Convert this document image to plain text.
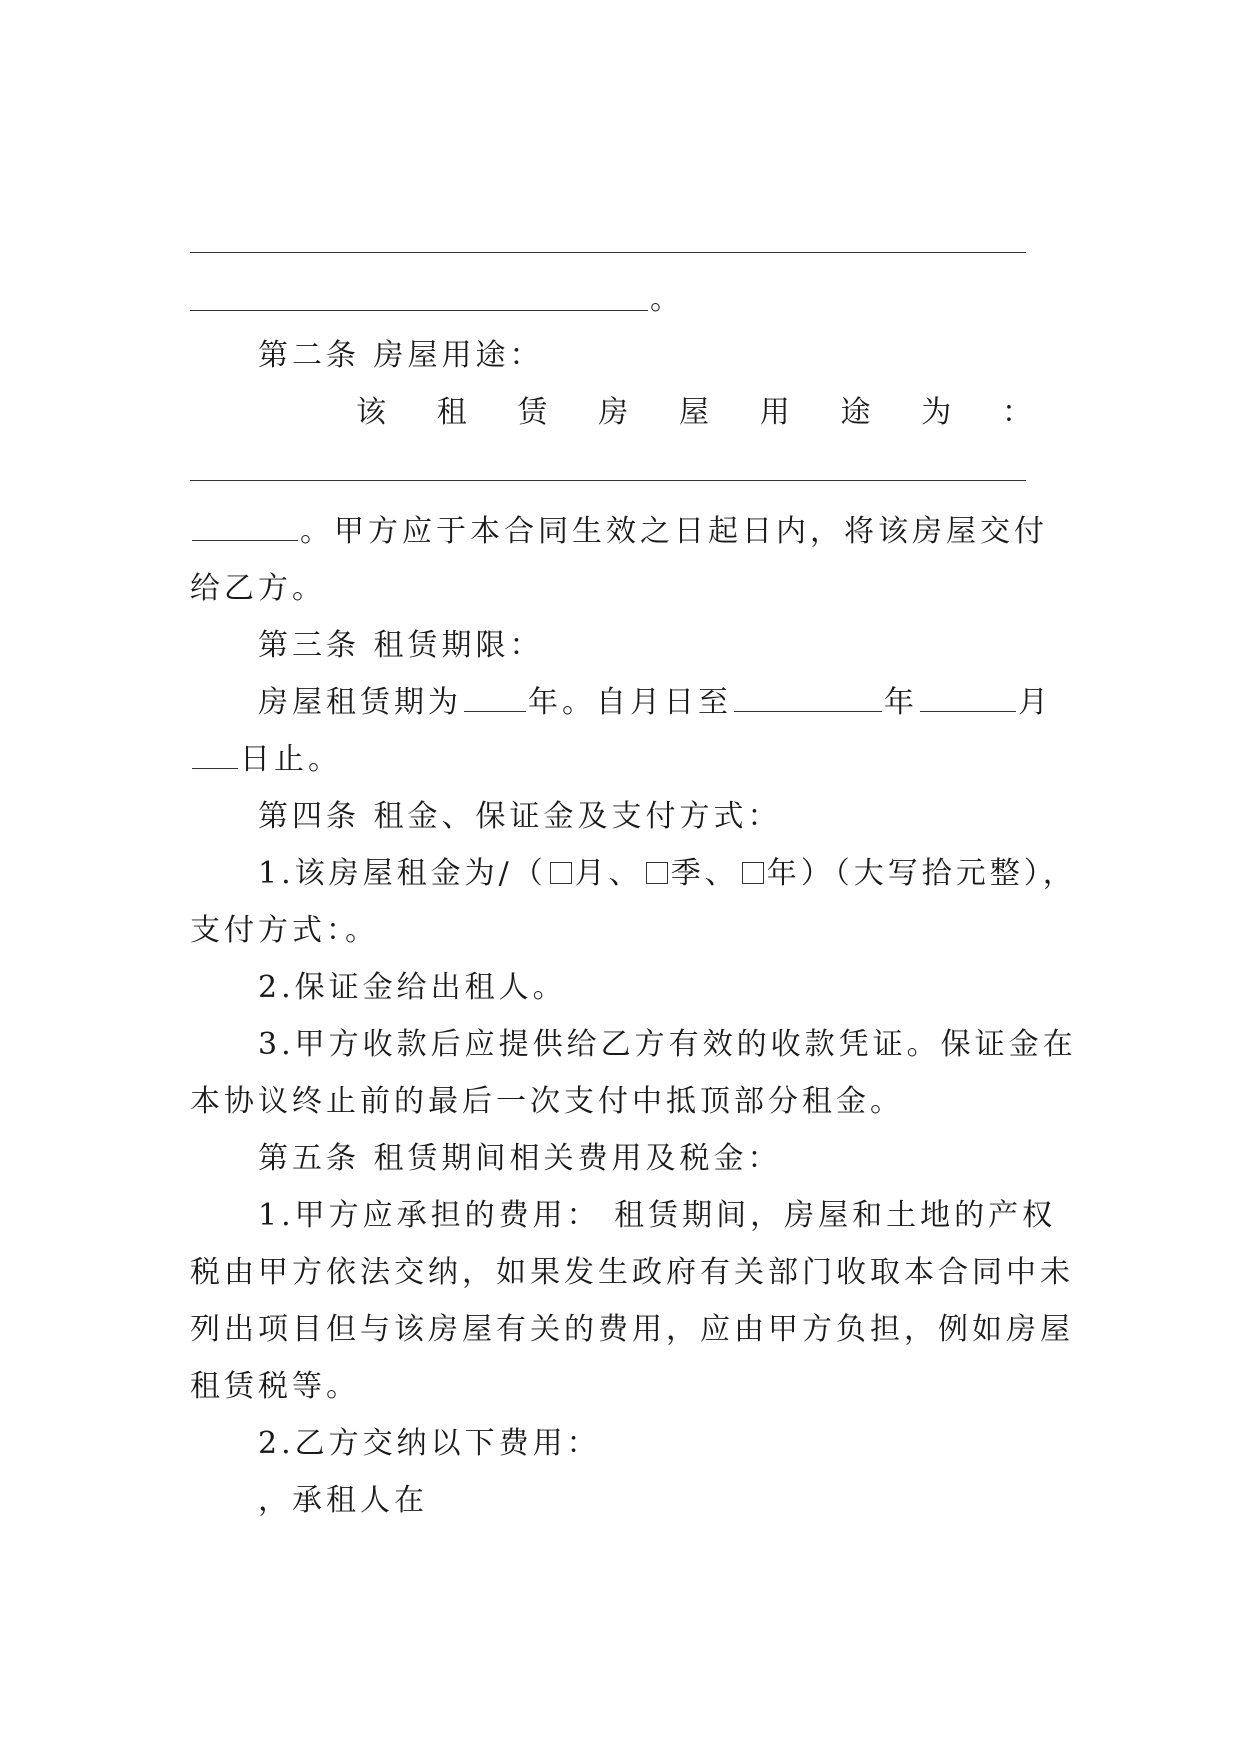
。
第二条 房屋用途：
该 租 赁 房 屋 用 途 为 ：
。甲方应于本合同生效之日起日内，将该房屋交付
给乙方。
第三条 租赁期限：
房屋租赁期为 年。自月日至	年	月
日止。
第四条 租金、保证金及支付方式：
1.该房屋租金为/（ 月、 季、 年）（大写拾元整），
支付方式：。
2.保证金给出租人。
3.甲方收款后应提供给乙方有效的收款凭证。保证金在
本协议终止前的最后一次支付中抵顶部分租金。
第五条 租赁期间相关费用及税金：
1.甲方应承担的费用： 租赁期间，房屋和土地的产权
税由甲方依法交纳，如果发生政府有关部门收取本合同中未
列出项目但与该房屋有关的费用，应由甲方负担，例如房屋
租赁税等。
2.乙方交纳以下费用：
，承租人在
